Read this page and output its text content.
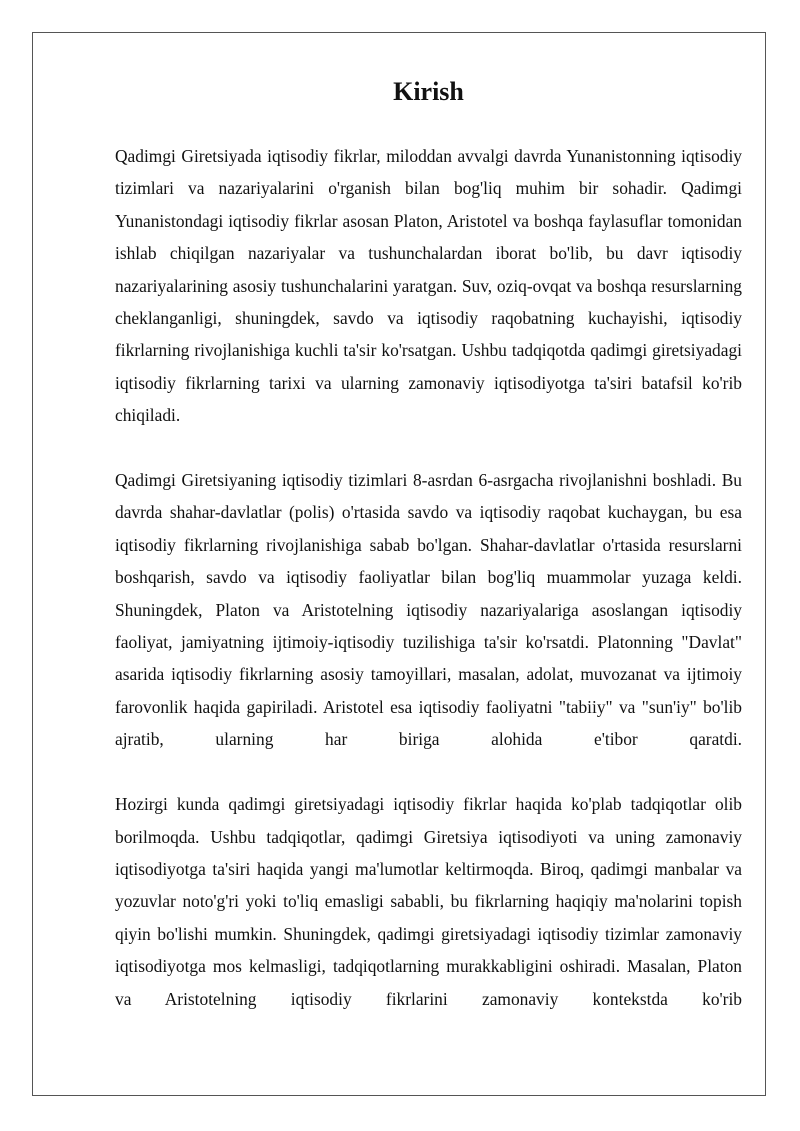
Kirish

Qadimgi Giretsiyada iqtisodiy fikrlar, miloddan avvalgi davrda Yunanistonning iqtisodiy tizimlari va nazariyalarini o'rganish bilan bog'liq muhim bir sohadir. Qadimgi Yunanistondagi iqtisodiy fikrlar asosan Platon, Aristotel va boshqa faylasuflar tomonidan ishlab chiqilgan nazariyalar va tushunchalardan iborat bo'lib, bu davr iqtisodiy nazariyalarining asosiy tushunchalarini yaratgan. Suv, oziq-ovqat va boshqa resurslarning cheklanganligi, shuningdek, savdo va iqtisodiy raqobatning kuchayishi, iqtisodiy fikrlarning rivojlanishiga kuchli ta'sir ko'rsatgan. Ushbu tadqiqotda qadimgi giretsiyadagi iqtisodiy fikrlarning tarixi va ularning zamonaviy iqtisodiyotga ta'siri batafsil ko'rib chiqiladi.

Qadimgi Giretsiyaning iqtisodiy tizimlari 8-asrdan 6-asrgacha rivojlanishni boshladi. Bu davrda shahar-davlatlar (polis) o'rtasida savdo va iqtisodiy raqobat kuchaygan, bu esa iqtisodiy fikrlarning rivojlanishiga sabab bo'lgan. Shahar-davlatlar o'rtasida resurslarni boshqarish, savdo va iqtisodiy faoliyatlar bilan bog'liq muammolar yuzaga keldi. Shuningdek, Platon va Aristotelning iqtisodiy nazariyalariga asoslangan iqtisodiy faoliyat, jamiyatning ijtimoiy-iqtisodiy tuzilishiga ta'sir ko'rsatdi. Platonning "Davlat" asarida iqtisodiy fikrlarning asosiy tamoyillari, masalan, adolat, muvozanat va ijtimoiy farovonlik haqida gapiriladi. Aristotel esa iqtisodiy faoliyatni "tabiiy" va "sun'iy" bo'lib ajratib, ularning har biriga alohida e'tibor qaratdi.

Hozirgi kunda qadimgi giretsiyadagi iqtisodiy fikrlar haqida ko'plab tadqiqotlar olib borilmoqda. Ushbu tadqiqotlar, qadimgi Giretsiya iqtisodiyoti va uning zamonaviy iqtisodiyotga ta'siri haqida yangi ma'lumotlar keltirmoqda. Biroq, qadimgi manbalar va yozuvlar noto'g'ri yoki to'liq emasligi sababli, bu fikrlarning haqiqiy ma'nolarini topish qiyin bo'lishi mumkin. Shuningdek, qadimgi giretsiyadagi iqtisodiy tizimlar zamonaviy iqtisodiyotga mos kelmasligi, tadqiqotlarning murakkabligini oshiradi. Masalan, Platon va Aristotelning iqtisodiy fikrlarini zamonaviy kontekstda ko'rib
